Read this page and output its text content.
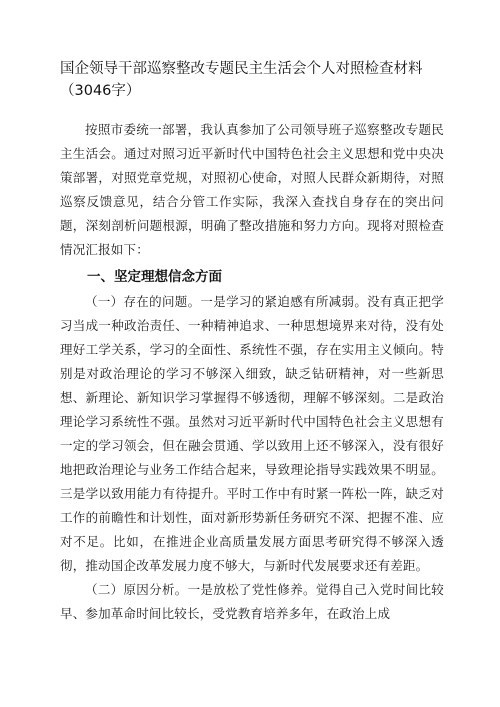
国企领导干部巡察整改专题民主生活会个人对照检查材料（3046字）

按照市委统一部署，我认真参加了公司领导班子巡察整改专题民主生活会。通过对照习近平新时代中国特色社会主义思想和党中央决策部署，对照党章党规，对照初心使命，对照人民群众新期待，对照巡察反馈意见，结合分管工作实际，我深入查找自身存在的突出问题，深刻剖析问题根源，明确了整改措施和努力方向。现将对照检查情况汇报如下：

一、坚定理想信念方面

（一）存在的问题。一是学习的紧迫感有所减弱。没有真正把学习当成一种政治责任、一种精神追求、一种思想境界来对待，没有处理好工学关系，学习的全面性、系统性不强，存在实用主义倾向。特别是对政治理论的学习不够深入细致，缺乏钻研精神，对一些新思想、新理论、新知识学习掌握得不够透彻，理解不够深刻。二是政治理论学习系统性不强。虽然对习近平新时代中国特色社会主义思想有一定的学习领会，但在融会贯通、学以致用上还不够深入，没有很好地把政治理论与业务工作结合起来，导致理论指导实践效果不明显。三是学以致用能力有待提升。平时工作中有时紧一阵松一阵，缺乏对工作的前瞻性和计划性，面对新形势新任务研究不深、把握不准、应对不足。比如，在推进企业高质量发展方面思考研究得不够深入透彻，推动国企改革发展力度不够大，与新时代发展要求还有差距。

（二）原因分析。一是放松了党性修养。觉得自己入党时间比较早、参加革命时间比较长，受党教育培养多年，在政治上成
